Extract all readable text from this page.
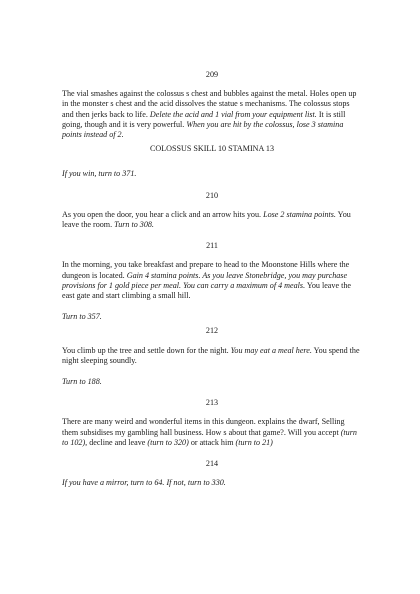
209

The vial smashes against the colossus s chest and bubbles against the metal. Holes open up in the monster s chest and the acid dissolves the statue s mechanisms. The colossus stops and then jerks back to life. Delete the acid and 1 vial from your equipment list. It is still going, though and it is very powerful. When you are hit by the colossus, lose 3 stamina points instead of 2.

COLOSSUS SKILL 10 STAMINA 13

If you win, turn to 371.

210

As you open the door, you hear a click and an arrow hits you. Lose 2 stamina points. You leave the room. Turn to 308.

211

In the morning, you take breakfast and prepare to head to the Moonstone Hills where the dungeon is located. Gain 4 stamina points. As you leave Stonebridge, you may purchase provisions for 1 gold piece per meal. You can carry a maximum of 4 meals. You leave the east gate and start climbing a small hill.

Turn to 357.

212

You climb up the tree and settle down for the night. You may eat a meal here. You spend the night sleeping soundly.

Turn to 188.

213

There are many weird and wonderful items in this dungeon. explains the dwarf, Selling them subsidises my gambling hall business. How s about that game?. Will you accept (turn to 102), decline and leave (turn to 320) or attack him (turn to 21)

214

If you have a mirror, turn to 64. If not, turn to 330.
